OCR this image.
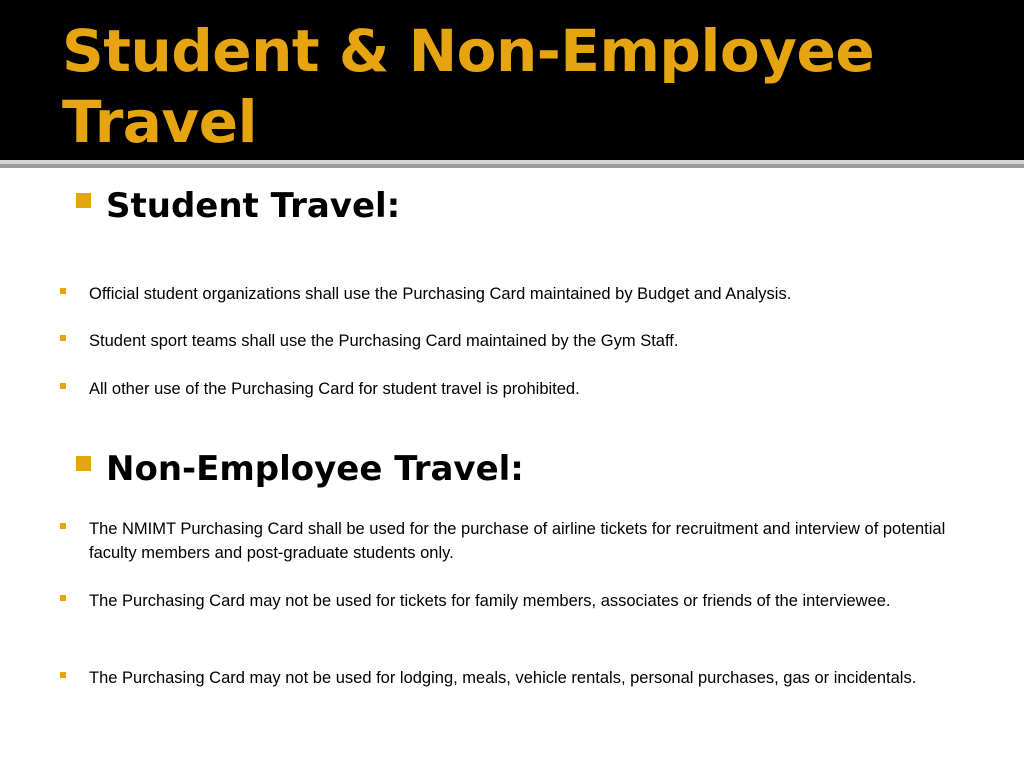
Student & Non-Employee Travel
Student Travel:
Official student organizations shall use the Purchasing Card maintained by Budget and Analysis.
Student sport teams shall use the Purchasing Card maintained by the Gym Staff.
All other use of the Purchasing Card for student travel is prohibited.
Non-Employee Travel:
The NMIMT Purchasing Card shall be used for the purchase of airline tickets for recruitment and interview of potential faculty members and post-graduate students only.
The Purchasing Card may not be used for tickets for family members, associates or friends of the interviewee.
The Purchasing Card may not be used for lodging, meals, vehicle rentals, personal purchases, gas or incidentals.
